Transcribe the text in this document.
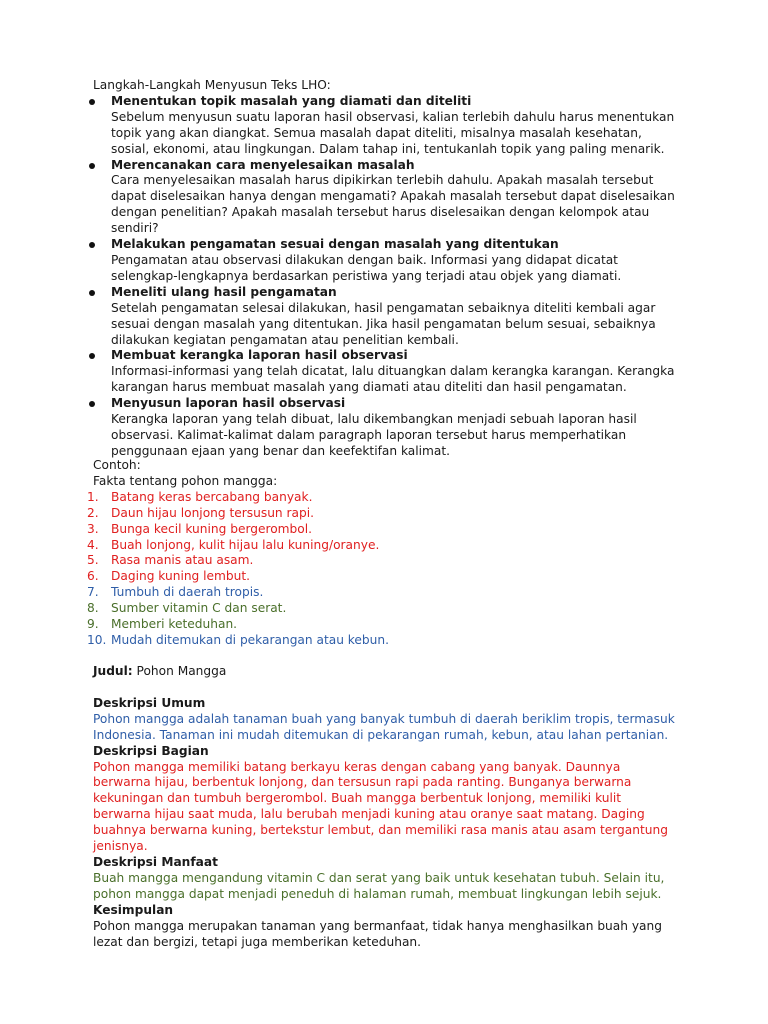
Langkah-Langkah Menyusun Teks LHO:
Menentukan topik masalah yang diamati dan diteliti
Sebelum menyusun suatu laporan hasil observasi, kalian terlebih dahulu harus menentukan topik yang akan diangkat. Semua masalah dapat diteliti, misalnya masalah kesehatan, sosial, ekonomi, atau lingkungan. Dalam tahap ini, tentukanlah topik yang paling menarik.
Merencanakan cara menyelesaikan masalah
Cara menyelesaikan masalah harus dipikirkan terlebih dahulu. Apakah masalah tersebut dapat diselesaikan hanya dengan mengamati? Apakah masalah tersebut dapat diselesaikan dengan penelitian? Apakah masalah tersebut harus diselesaikan dengan kelompok atau sendiri?
Melakukan pengamatan sesuai dengan masalah yang ditentukan
Pengamatan atau observasi dilakukan dengan baik. Informasi yang didapat dicatat selengkap-lengkapnya berdasarkan peristiwa yang terjadi atau objek yang diamati.
Meneliti ulang hasil pengamatan
Setelah pengamatan selesai dilakukan, hasil pengamatan sebaiknya diteliti kembali agar sesuai dengan masalah yang ditentukan. Jika hasil pengamatan belum sesuai, sebaiknya dilakukan kegiatan pengamatan atau penelitian kembali.
Membuat kerangka laporan hasil observasi
Informasi-informasi yang telah dicatat, lalu dituangkan dalam kerangka karangan. Kerangka karangan harus membuat masalah yang diamati atau diteliti dan hasil pengamatan.
Menyusun laporan hasil observasi
Kerangka laporan yang telah dibuat, lalu dikembangkan menjadi sebuah laporan hasil observasi. Kalimat-kalimat dalam paragraph laporan tersebut harus memperhatikan penggunaan ejaan yang benar dan keefektifan kalimat.
Contoh:
Fakta tentang pohon mangga:
1.	Batang keras bercabang banyak.
2.	Daun hijau lonjong tersusun rapi.
3.	Bunga kecil kuning bergerombol.
4.	Buah lonjong, kulit hijau lalu kuning/oranye.
5.	Rasa manis atau asam.
6.	Daging kuning lembut.
7.	Tumbuh di daerah tropis.
8.	Sumber vitamin C dan serat.
9.	Memberi keteduhan.
10. Mudah ditemukan di pekarangan atau kebun.
Judul: Pohon Mangga
Deskripsi Umum
Pohon mangga adalah tanaman buah yang banyak tumbuh di daerah beriklim tropis, termasuk Indonesia. Tanaman ini mudah ditemukan di pekarangan rumah, kebun, atau lahan pertanian.
Deskripsi Bagian
Pohon mangga memiliki batang berkayu keras dengan cabang yang banyak. Daunnya berwarna hijau, berbentuk lonjong, dan tersusun rapi pada ranting. Bunganya berwarna kekuningan dan tumbuh bergerombol. Buah mangga berbentuk lonjong, memiliki kulit berwarna hijau saat muda, lalu berubah menjadi kuning atau oranye saat matang. Daging buahnya berwarna kuning, bertekstur lembut, dan memiliki rasa manis atau asam tergantung jenisnya.
Deskripsi Manfaat
Buah mangga mengandung vitamin C dan serat yang baik untuk kesehatan tubuh. Selain itu, pohon mangga dapat menjadi peneduh di halaman rumah, membuat lingkungan lebih sejuk.
Kesimpulan
Pohon mangga merupakan tanaman yang bermanfaat, tidak hanya menghasilkan buah yang lezat dan bergizi, tetapi juga memberikan keteduhan.
